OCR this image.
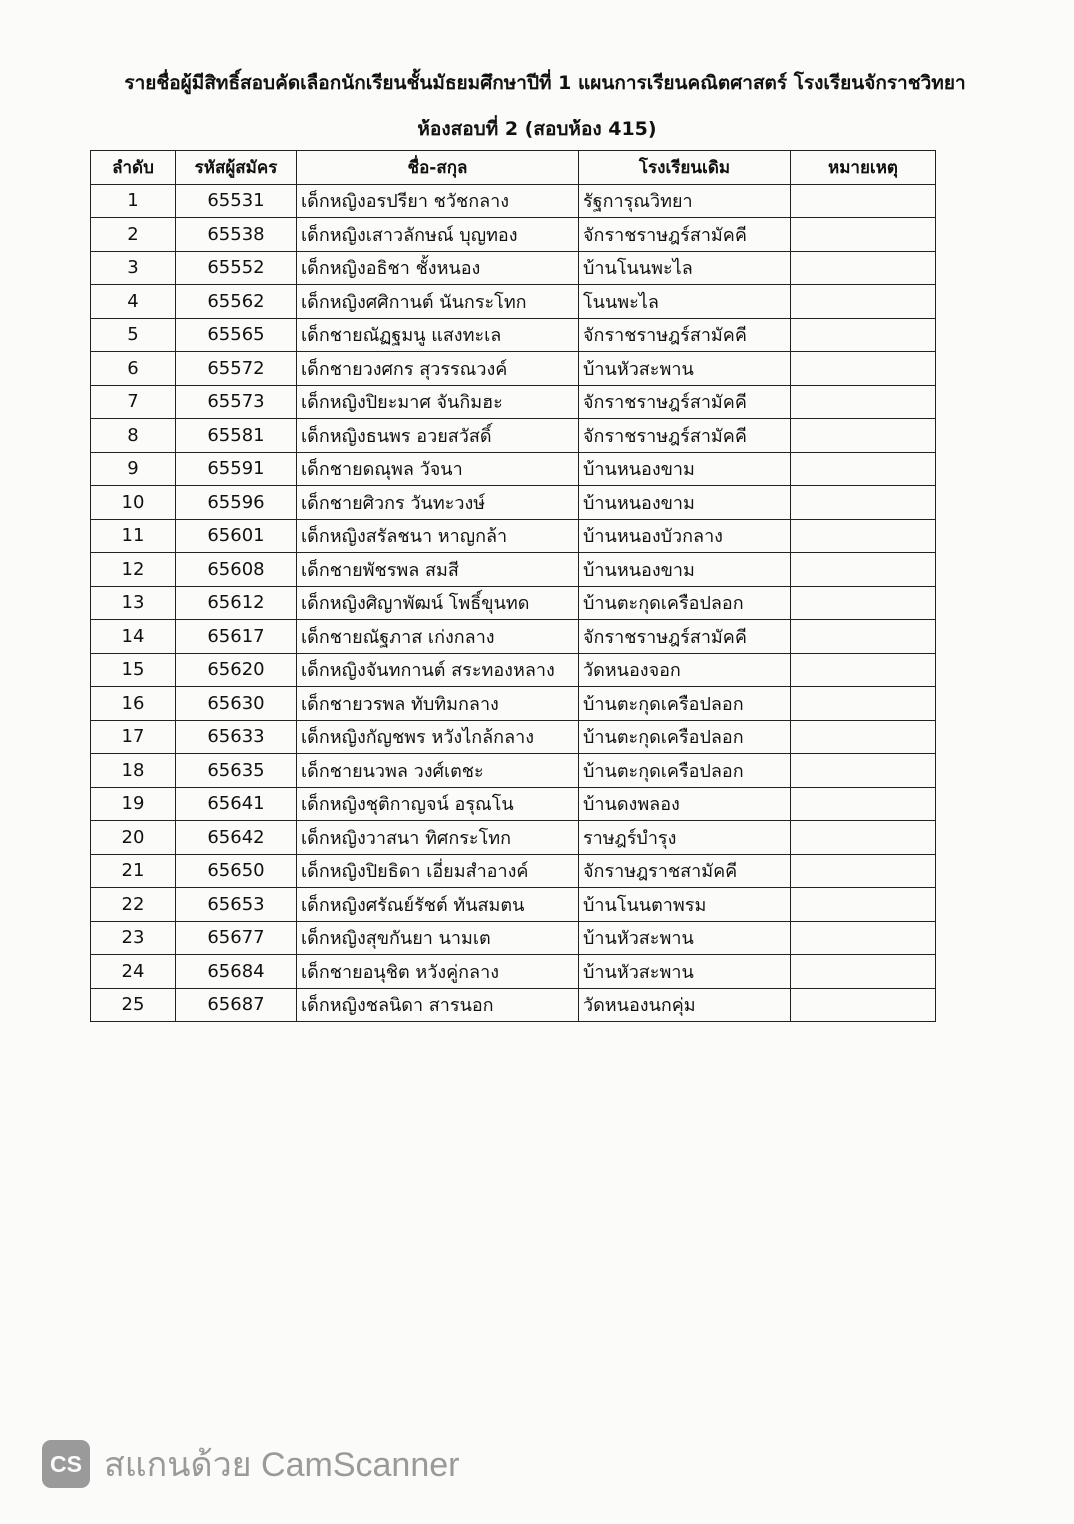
รายชื่อผู้มีสิทธิ์สอบคัดเลือกนักเรียนชั้นมัธยมศึกษาปีที่ 1 แผนการเรียนคณิตศาสตร์ โรงเรียนจักราชวิทยา
ห้องสอบที่ 2 (สอบห้อง 415)
ลำดับ	รหัสผู้สมัคร	ชื่อ-สกุล	โรงเรียนเดิม	หมายเหตุ
1	65531	เด็กหญิงอรปรียา ชวัชกลาง	รัฐการุณวิทยา	
2	65538	เด็กหญิงเสาวลักษณ์ บุญทอง	จักราชราษฎร์สามัคคี	
3	65552	เด็กหญิงอธิชา ชั้งหนอง	บ้านโนนพะไล	
4	65562	เด็กหญิงศศิกานต์ นันกระโทก	โนนพะไล	
5	65565	เด็กชายณัฏฐมนู แสงทะเล	จักราชราษฎร์สามัคคี	
6	65572	เด็กชายวงศกร สุวรรณวงค์	บ้านหัวสะพาน	
7	65573	เด็กหญิงปิยะมาศ จันกิมฮะ	จักราชราษฎร์สามัคคี	
8	65581	เด็กหญิงธนพร อวยสวัสดิ์	จักราชราษฎร์สามัคคี	
9	65591	เด็กชายดณุพล วัจนา	บ้านหนองขาม	
10	65596	เด็กชายศิวกร วันทะวงษ์	บ้านหนองขาม	
11	65601	เด็กหญิงสรัลชนา หาญกล้า	บ้านหนองบัวกลาง	
12	65608	เด็กชายพัชรพล สมสี	บ้านหนองขาม	
13	65612	เด็กหญิงศิญาพัฒน์ โพธิ์ขุนทด	บ้านตะกุดเครือปลอก	
14	65617	เด็กชายณัฐภาส เก่งกลาง	จักราชราษฎร์สามัคคี	
15	65620	เด็กหญิงจันทกานต์ สระทองหลาง	วัดหนองจอก	
16	65630	เด็กชายวรพล ทับทิมกลาง	บ้านตะกุดเครือปลอก	
17	65633	เด็กหญิงกัญชพร หวังไกล้กลาง	บ้านตะกุดเครือปลอก	
18	65635	เด็กชายนวพล วงศ์เตชะ	บ้านตะกุดเครือปลอก	
19	65641	เด็กหญิงชุติกาญจน์ อรุณโน	บ้านดงพลอง	
20	65642	เด็กหญิงวาสนา ทิศกระโทก	ราษฎร์บำรุง	
21	65650	เด็กหญิงปิยธิดา เอี่ยมสำอางค์	จักราษฎราชสามัคคี	
22	65653	เด็กหญิงศรัณย์รัชต์ ทันสมตน	บ้านโนนตาพรม	
23	65677	เด็กหญิงสุขกันยา นามเต	บ้านหัวสะพาน	
24	65684	เด็กชายอนุชิต หวังคู่กลาง	บ้านหัวสะพาน	
25	65687	เด็กหญิงชลนิดา สารนอก	วัดหนองนกคุ่ม	
CS สแกนด้วย CamScanner
